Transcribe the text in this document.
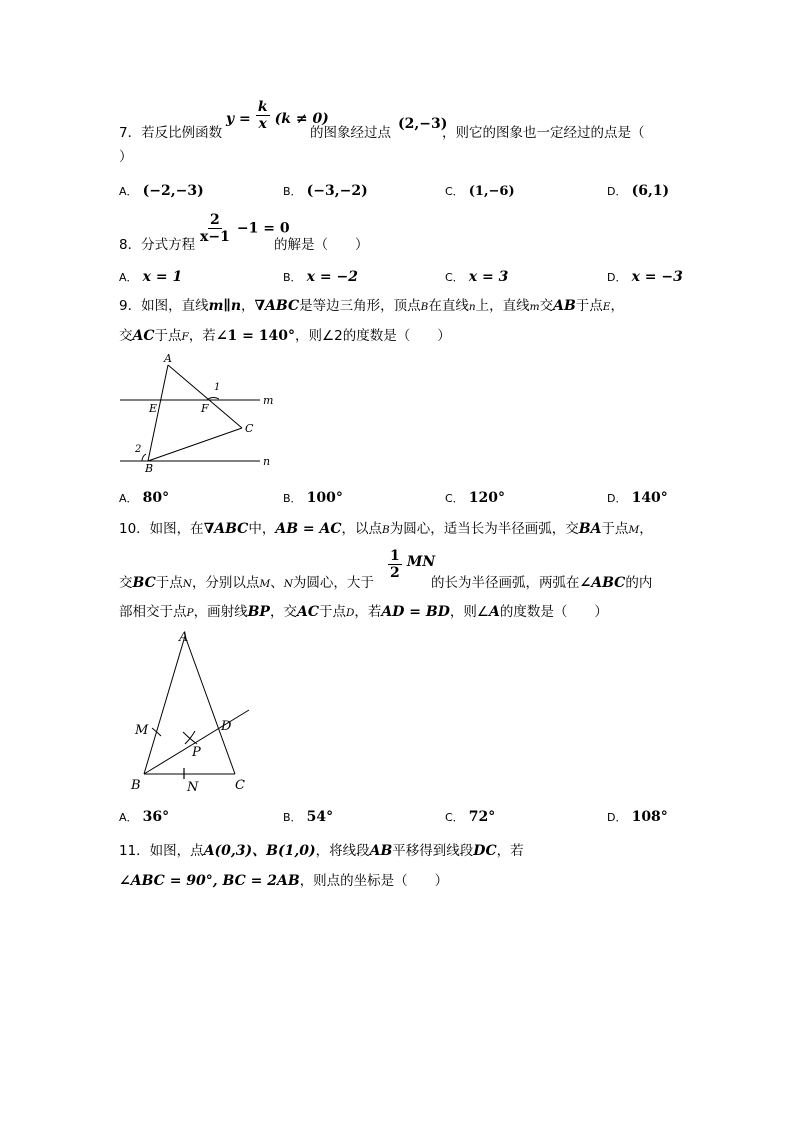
$y = \frac{k}{x} (k \ne 0)$
7．若反比例函数	的图象经过点
(2,−3)
，则它的图象也一定经过的点是（
）
A． (−2,−3)	B． (−3,−2)	C． (1,−6)	D． (6,1)
8．分式方程 $\frac{2}{x-1} -1 = 0$
的解是（　　）
A． x = 1	B． x = −2	C． x = 3	D． x = −3
9．如图，直线m∥n，∇ABC是等边三角形，顶点B在直线n上，直线m交AB于点E，
交AC于点F，若∠1 = 140°，则∠2的度数是（　　）
A
E	F
C
B
m
n
1
2
A． 80°	B． 100°	C． 120°	D． 140°
10．如图，在∇ABC中，AB = AC，以点B为圆心，适当长为半径画弧，交BA于点M，
交BC于点N，分别以点M、N为圆心，大于
$\frac{1}{2}$ MN
的长为半径画弧，两弧在∠ABC的内
部相交于点P，画射线BP，交AC于点D，若AD = BD，则∠A的度数是（　　）
A
M	D
P
B	N	C
A． 36°	B． 54°	C． 72°	D． 108°
11．如图，点A(0,3)、B(1,0)，将线段AB平移得到线段DC，若
∠ABC = 90°, BC = 2AB，则点的坐标是（　　）
